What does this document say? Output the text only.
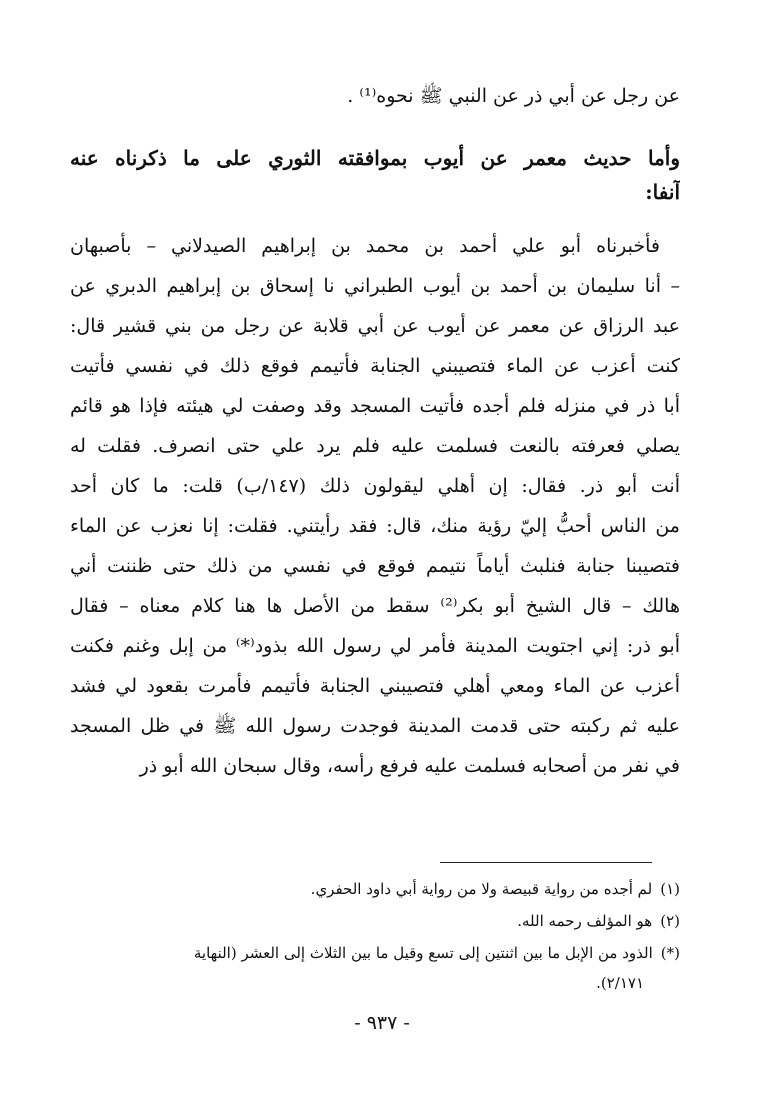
عن رجل عن أبي ذر عن النبي ﷺ نحوه⁽¹⁾ .
وأما حديث معمر عن أيوب بموافقته الثوري على ما ذكرناه عنه
آنفا:
فأخبرناه أبو علي أحمد بن محمد بن إبراهيم الصيدلاني – بأصبهان
– أنا سليمان بن أحمد بن أيوب الطبراني نا إسحاق بن إبراهيم الدبري عن
عبد الرزاق عن معمر عن أيوب عن أبي قلابة عن رجل من بني قشير قال:
كنت أعزب عن الماء فتصيبني الجنابة فأتيمم فوقع ذلك في نفسي فأتيت
أبا ذر في منزله فلم أجده فأتيت المسجد وقد وصفت لي هيئته فإذا هو قائم
يصلي فعرفته بالنعت فسلمت عليه فلم يرد علي حتى انصرف. فقلت له
أنت أبو ذر. فقال: إن أهلي ليقولون ذلك (١٤٧/ب) قلت: ما كان أحد
من الناس أحبُّ إليّ رؤية منك، قال: فقد رأيتني. فقلت: إنا نعزب عن الماء
فتصيبنا جنابة فنلبث أياماً نتيمم فوقع في نفسي من ذلك حتى ظننت أني
هالك – قال الشيخ أبو بكر⁽²⁾ سقط من الأصل ها هنا كلام معناه – فقال
أبو ذر: إني اجتويت المدينة فأمر لي رسول الله بذود⁽*⁾ من إبل وغنم فكنت
أعزب عن الماء ومعي أهلي فتصيبني الجنابة فأتيمم فأمرت بقعود لي فشد
عليه ثم ركبته حتى قدمت المدينة فوجدت رسول الله ﷺ في ظل المسجد
في نفر من أصحابه فسلمت عليه فرفع رأسه، وقال سبحان الله أبو ذر
(١)لم أجده من رواية قبيصة ولا من رواية أبي داود الحفري.
(٢)هو المؤلف رحمه الله.
(*)الذود من الإبل ما بين اثنتين إلى تسع وقيل ما بين الثلاث إلى العشر (النهاية
٢/١٧١).
- ٩٣٧ -
